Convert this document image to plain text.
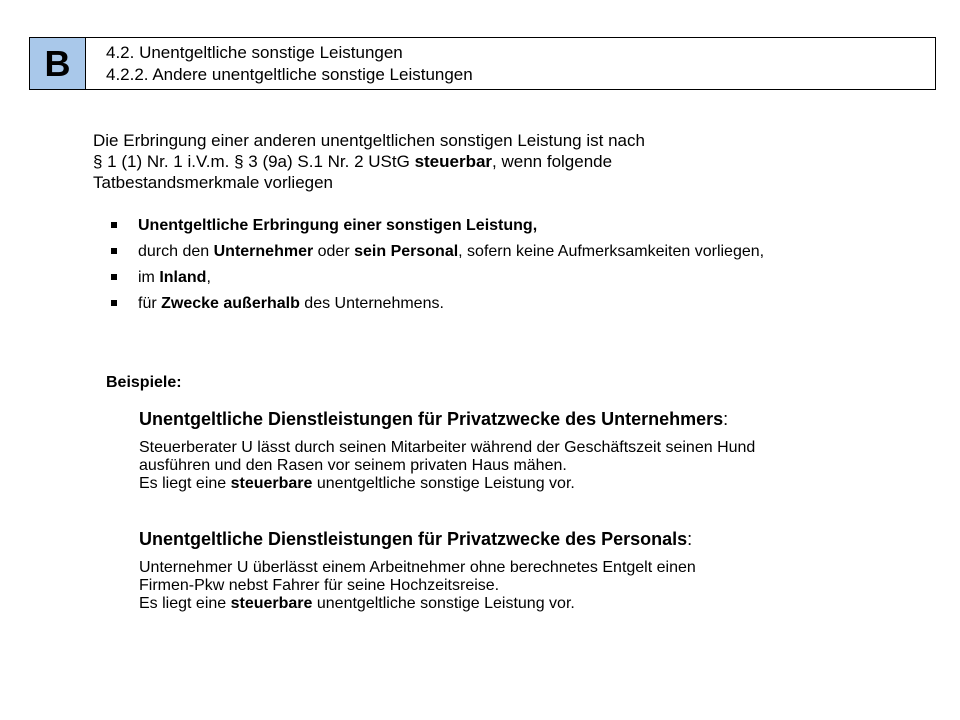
B	4.2. Unentgeltliche sonstige Leistungen
4.2.2. Andere unentgeltliche sonstige Leistungen

Die Erbringung einer anderen unentgeltlichen sonstigen Leistung ist nach

§ 1 (1) Nr. 1 i.V.m. § 3 (9a) S.1 Nr. 2 UStG steuerbar, wenn folgende

Tatbestandsmerkmale vorliegen

Unentgeltliche Erbringung einer sonstigen Leistung,
durch den Unternehmer oder sein Personal, sofern keine Aufmerksamkeiten vorliegen,
im Inland,
für Zwecke außerhalb des Unternehmens.
Beispiele:

Unentgeltliche Dienstleistungen für Privatzwecke des Unternehmers:

Steuerberater U lässt durch seinen Mitarbeiter während der Geschäftszeit seinen Hund
ausführen und den Rasen vor seinem privaten Haus mähen.
Es liegt eine steuerbare unentgeltliche sonstige Leistung vor.

Unentgeltliche Dienstleistungen für Privatzwecke des Personals:

Unternehmer U überlässt einem Arbeitnehmer ohne berechnetes Entgelt einen
Firmen-Pkw nebst Fahrer für seine Hochzeitsreise.
Es liegt eine steuerbare unentgeltliche sonstige Leistung vor.
